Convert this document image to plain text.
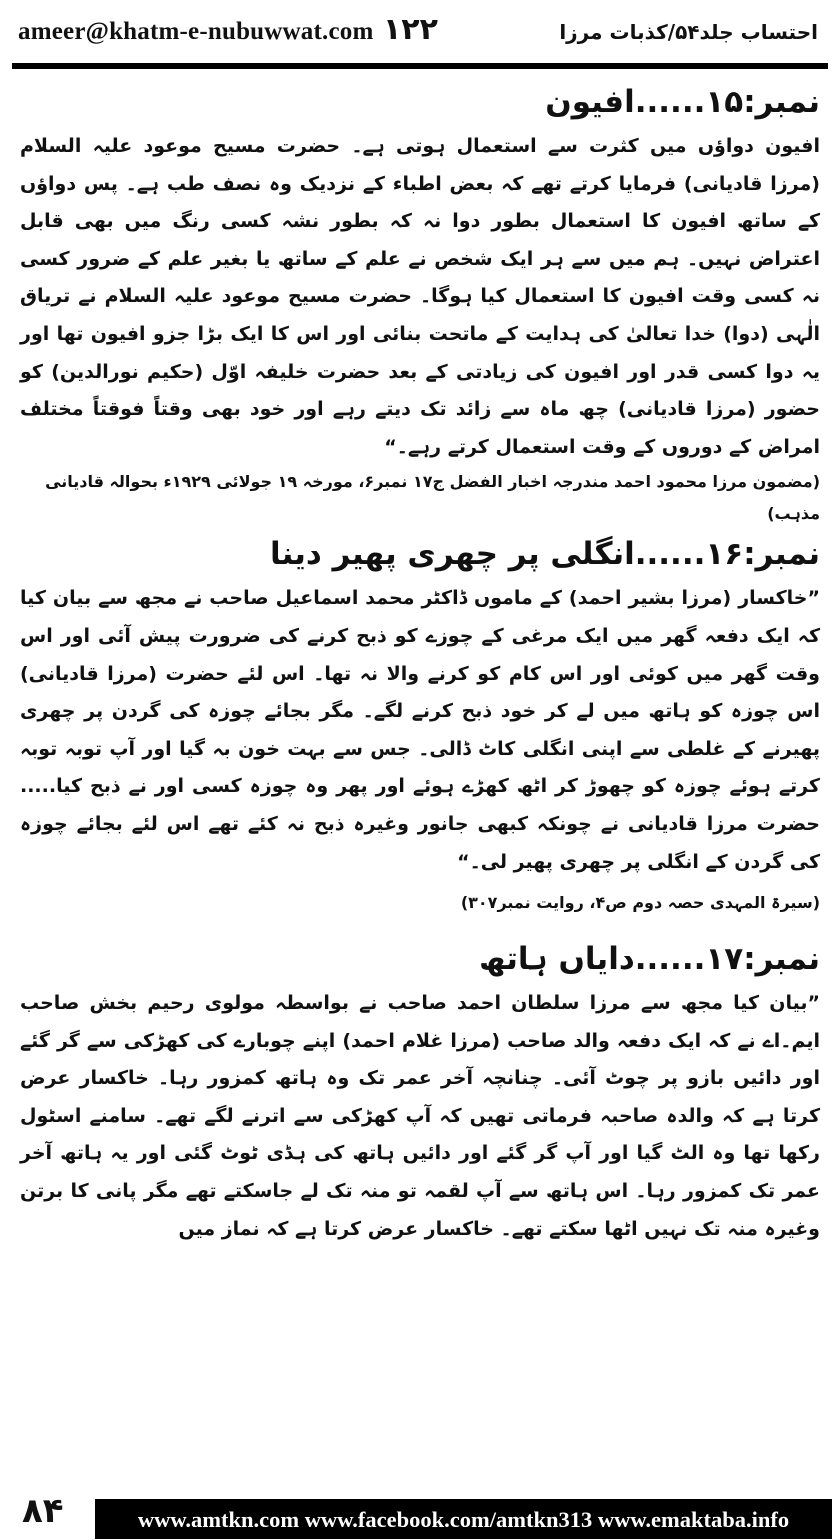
ameer@khatm-e-nubuwwat.com ۱۲۲	احتساب جلد۵۴/کذبات مرزا
نمبر:۱۵......افیون

افیون دواؤں میں کثرت سے استعمال ہوتی ہے۔ حضرت مسیح موعود علیہ السلام (مرزا قادیانی) فرمایا کرتے تھے کہ بعض اطباء کے نزدیک وہ نصف طب ہے۔ پس دواؤں کے ساتھ افیون کا استعمال بطور دوا نہ کہ بطور نشہ کسی رنگ میں بھی قابل اعتراض نہیں۔ ہم میں سے ہر ایک شخص نے علم کے ساتھ یا بغیر علم کے ضرور کسی نہ کسی وقت افیون کا استعمال کیا ہوگا۔ حضرت مسیح موعود علیہ السلام نے تریاق الٰہی (دوا) خدا تعالیٰ کی ہدایت کے ماتحت بنائی اور اس کا ایک بڑا جزو افیون تھا اور یہ دوا کسی قدر اور افیون کی زیادتی کے بعد حضرت خلیفہ اوّل (حکیم نورالدین) کو حضور (مرزا قادیانی) چھ ماہ سے زائد تک دیتے رہے اور خود بھی وقتاً فوقتاً مختلف امراض کے دوروں کے وقت استعمال کرتے رہے۔“

(مضمون مرزا محمود احمد مندرجہ اخبار الفضل ج۱۷ نمبر۶، مورخہ ۱۹ جولائی ۱۹۲۹ء بحوالہ قادیانی مذہب)

نمبر:۱۶......انگلی پر چھری پھیر دینا

”خاکسار (مرزا بشیر احمد) کے ماموں ڈاکٹر محمد اسماعیل صاحب نے مجھ سے بیان کیا کہ ایک دفعہ گھر میں ایک مرغی کے چوزے کو ذبح کرنے کی ضرورت پیش آئی اور اس وقت گھر میں کوئی اور اس کام کو کرنے والا نہ تھا۔ اس لئے حضرت (مرزا قادیانی) اس چوزہ کو ہاتھ میں لے کر خود ذبح کرنے لگے۔ مگر بجائے چوزہ کی گردن پر چھری پھیرنے کے غلطی سے اپنی انگلی کاٹ ڈالی۔ جس سے بہت خون بہ گیا اور آپ توبہ توبہ کرتے ہوئے چوزہ کو چھوڑ کر اٹھ کھڑے ہوئے اور پھر وہ چوزہ کسی اور نے ذبح کیا..... حضرت مرزا قادیانی نے چونکہ کبھی جانور وغیرہ ذبح نہ کئے تھے اس لئے بجائے چوزہ کی گردن کے انگلی پر چھری پھیر لی۔“

(سیرۃ المہدی حصہ دوم ص۴، روایت نمبر۳۰۷)

نمبر:۱۷......دایاں ہاتھ

”بیان کیا مجھ سے مرزا سلطان احمد صاحب نے بواسطہ مولوی رحیم بخش صاحب ایم۔اے نے کہ ایک دفعہ والد صاحب (مرزا غلام احمد) اپنے چوبارے کی کھڑکی سے گر گئے اور دائیں بازو پر چوٹ آئی۔ چنانچہ آخر عمر تک وہ ہاتھ کمزور رہا۔ خاکسار عرض کرتا ہے کہ والدہ صاحبہ فرماتی تھیں کہ آپ کھڑکی سے اترنے لگے تھے۔ سامنے اسٹول رکھا تھا وہ الٹ گیا اور آپ گر گئے اور دائیں ہاتھ کی ہڈی ٹوٹ گئی اور یہ ہاتھ آخر عمر تک کمزور رہا۔ اس ہاتھ سے آپ لقمہ تو منہ تک لے جاسکتے تھے مگر پانی کا برتن وغیرہ منہ تک نہیں اٹھا سکتے تھے۔ خاکسار عرض کرتا ہے کہ نماز میں

۸۴	www.amtkn.com www.facebook.com/amtkn313 www.emaktaba.info
